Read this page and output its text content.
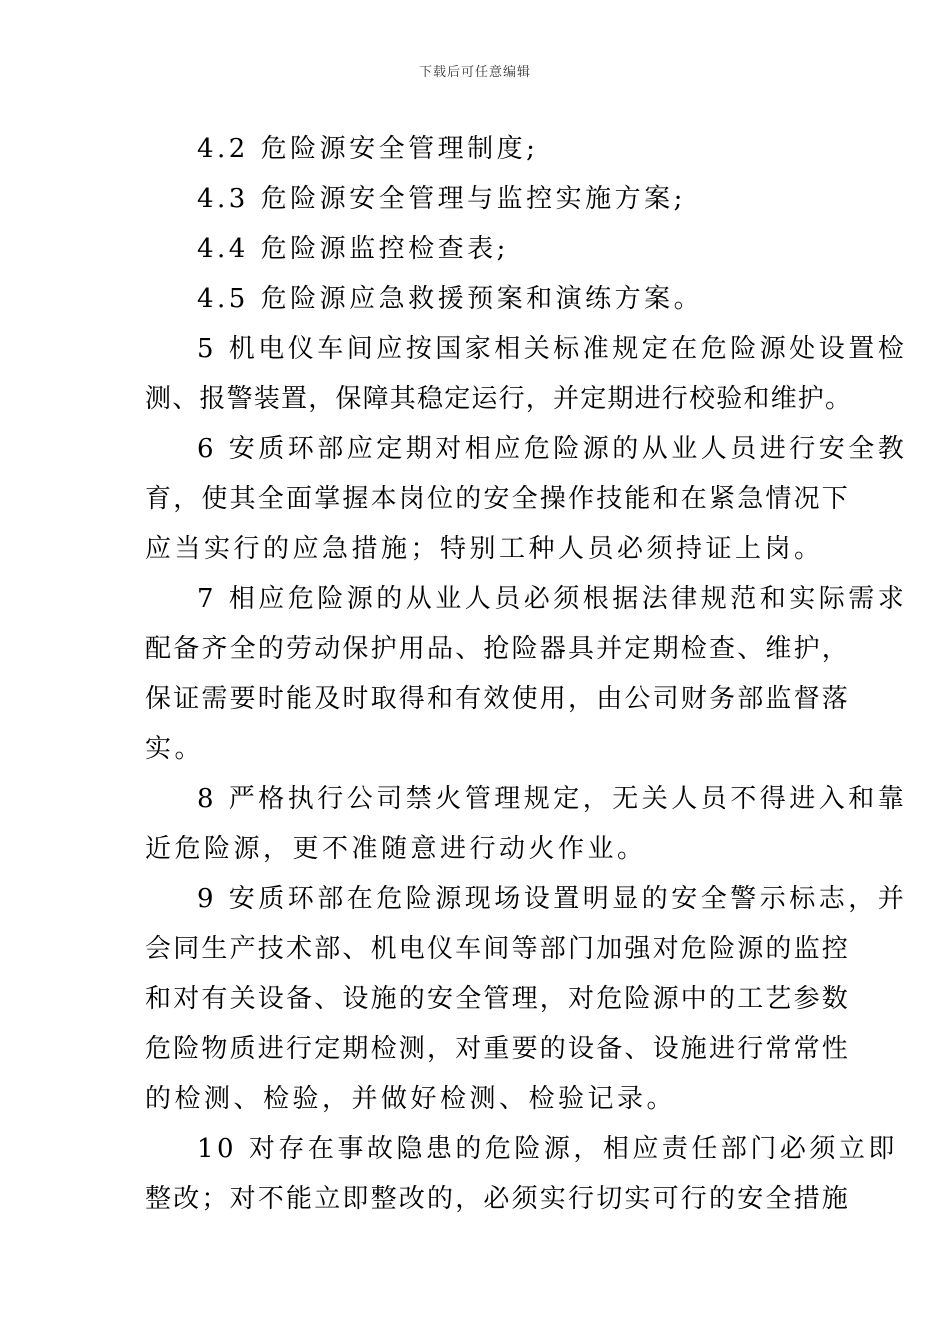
下载后可任意编辑
4.2 危险源安全管理制度;
4.3 危险源安全管理与监控实施方案;
4.4 危险源监控检查表;
4.5 危险源应急救援预案和演练方案。
5 机电仪车间应按国家相关标准规定在危险源处设置检
测、报警装置，保障其稳定运行，并定期进行校验和维护。
6 安质环部应定期对相应危险源的从业人员进行安全教
育，使其全面掌握本岗位的安全操作技能和在紧急情况下
应当实行的应急措施；特别工种人员必须持证上岗。
7 相应危险源的从业人员必须根据法律规范和实际需求
配备齐全的劳动保护用品、抢险器具并定期检查、维护，
保证需要时能及时取得和有效使用，由公司财务部监督落
实。
8 严格执行公司禁火管理规定，无关人员不得进入和靠
近危险源，更不准随意进行动火作业。
9 安质环部在危险源现场设置明显的安全警示标志，并
会同生产技术部、机电仪车间等部门加强对危险源的监控
和对有关设备、设施的安全管理，对危险源中的工艺参数
危险物质进行定期检测，对重要的设备、设施进行常常性
的检测、检验，并做好检测、检验记录。
10 对存在事故隐患的危险源，相应责任部门必须立即
整改；对不能立即整改的，必须实行切实可行的安全措施
